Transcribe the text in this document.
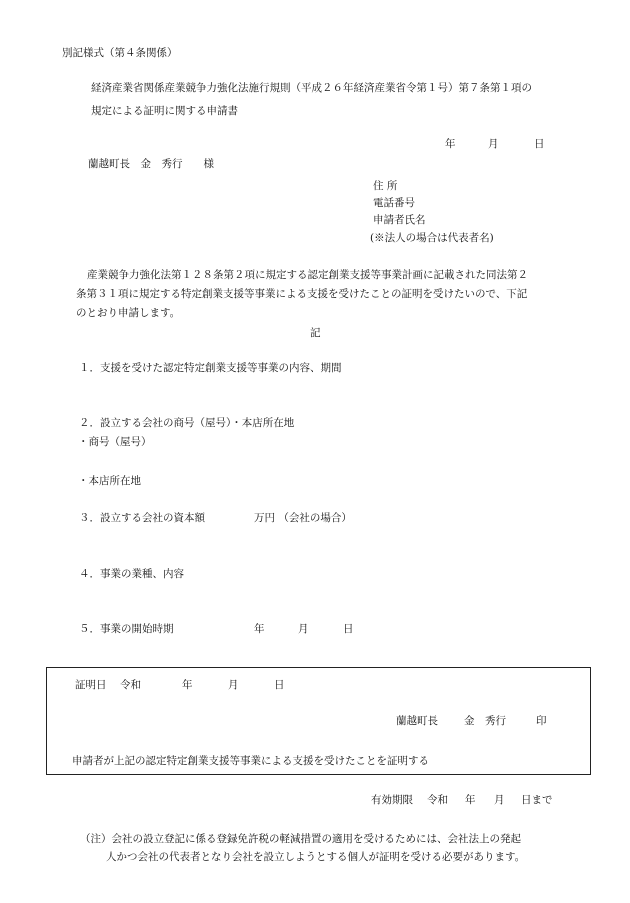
別記様式（第４条関係）
経済産業省関係産業競争力強化法施行規則（平成２６年経済産業省令第１号）第７条第１項の
規定による証明に関する申請書
年	月	日
蘭越町長　金　秀行　　様
住 所
電話番号
申請者氏名
(※法人の場合は代表者名)
産業競争力強化法第１２８条第２項に規定する認定創業支援等事業計画に記載された同法第２
条第３１項に規定する特定創業支援等事業による支援を受けたことの証明を受けたいので、下記
のとおり申請します。
記
１．支援を受けた認定特定創業支援等事業の内容、期間
２．設立する会社の商号（屋号）・本店所在地
・商号（屋号）
・本店所在地
３．設立する会社の資本額	万円 （会社の場合）
４．事業の業種、内容
５．事業の開始時期	年	月	日
証明日 令和	年	月	日
蘭越町長 金　秀行	印
申請者が上記の認定特定創業支援等事業による支援を受けたことを証明する
有効期限 令和 年 月 日まで
（注）会社の設立登記に係る登録免許税の軽減措置の適用を受けるためには、会社法上の発起
人かつ会社の代表者となり会社を設立しようとする個人が証明を受ける必要があります。
